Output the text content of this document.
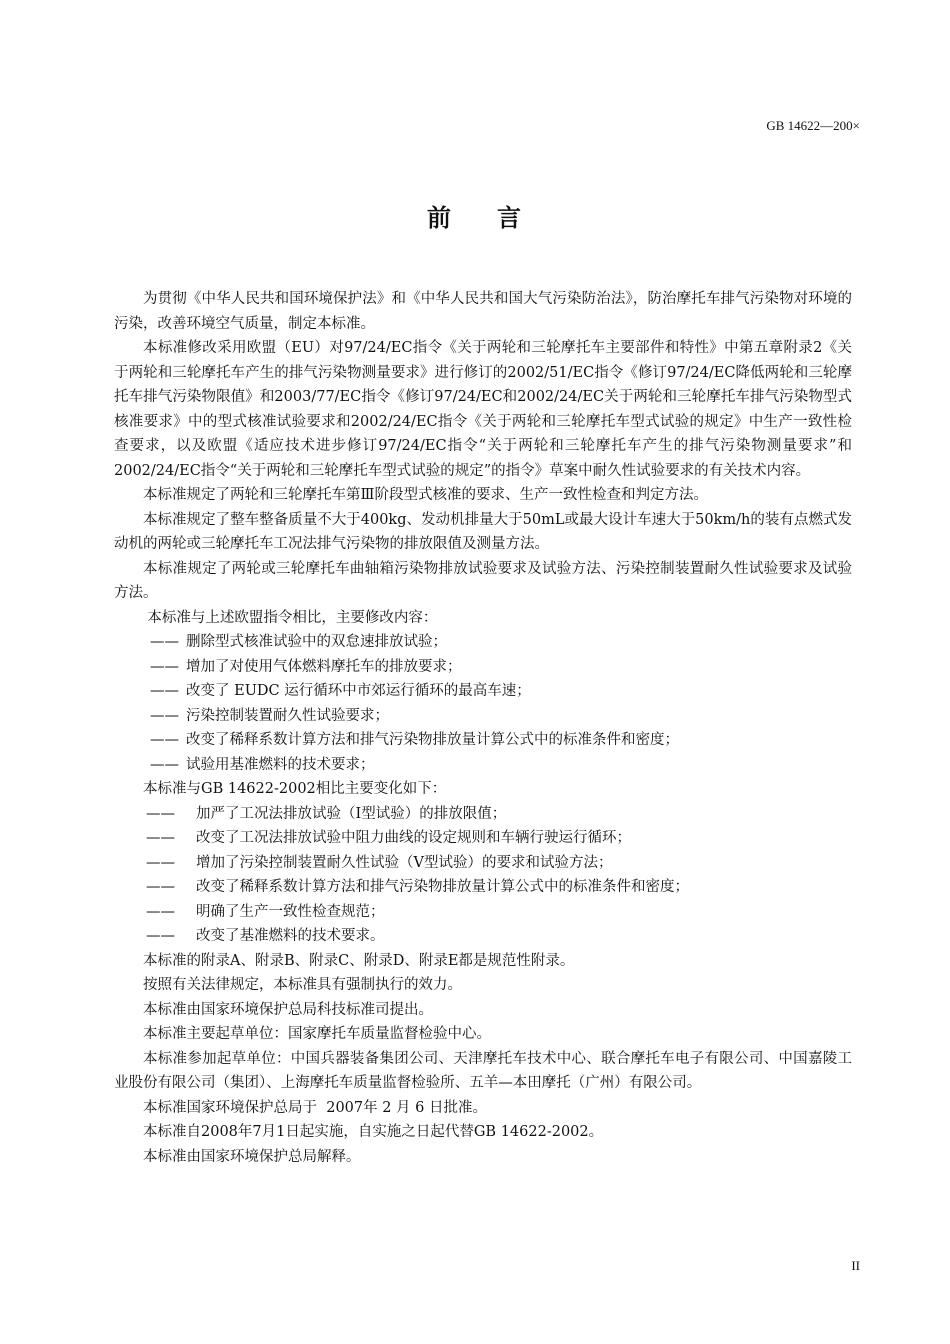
GB 14622—200×
前 言

为贯彻《中华人民共和国环境保护法》和《中华人民共和国大气污染防治法》，防治摩托车排气污染物对环境的污染，改善环境空气质量，制定本标准。

本标准修改采用欧盟（EU）对97/24/EC指令《关于两轮和三轮摩托车主要部件和特性》中第五章附录2《关于两轮和三轮摩托车产生的排气污染物测量要求》进行修订的2002/51/EC指令《修订97/24/EC降低两轮和三轮摩托车排气污染物限值》和2003/77/EC指令《修订97/24/EC和2002/24/EC关于两轮和三轮摩托车排气污染物型式核准要求》中的型式核准试验要求和2002/24/EC指令《关于两轮和三轮摩托车型式试验的规定》中生产一致性检查要求，以及欧盟《适应技术进步修订97/24/EC指令“关于两轮和三轮摩托车产生的排气污染物测量要求”和2002/24/EC指令“关于两轮和三轮摩托车型式试验的规定”的指令》草案中耐久性试验要求的有关技术内容。

本标准规定了两轮和三轮摩托车第Ⅲ阶段型式核准的要求、生产一致性检查和判定方法。

本标准规定了整车整备质量不大于400kg、发动机排量大于50mL或最大设计车速大于50km/h的装有点燃式发动机的两轮或三轮摩托车工况法排气污染物的排放限值及测量方法。

本标准规定了两轮或三轮摩托车曲轴箱污染物排放试验要求及试验方法、污染控制装置耐久性试验要求及试验方法。

本标准与上述欧盟指令相比，主要修改内容：

—— 删除型式核准试验中的双怠速排放试验；

—— 增加了对使用气体燃料摩托车的排放要求；

—— 改变了 EUDC 运行循环中市郊运行循环的最高车速；

—— 污染控制装置耐久性试验要求；

—— 改变了稀释系数计算方法和排气污染物排放量计算公式中的标准条件和密度；

—— 试验用基准燃料的技术要求；

本标准与GB 14622-2002相比主要变化如下：

—— 加严了工况法排放试验（Ⅰ型试验）的排放限值；

—— 改变了工况法排放试验中阻力曲线的设定规则和车辆行驶运行循环；

—— 增加了污染控制装置耐久性试验（Ⅴ型试验）的要求和试验方法；

—— 改变了稀释系数计算方法和排气污染物排放量计算公式中的标准条件和密度；

—— 明确了生产一致性检查规范；

—— 改变了基准燃料的技术要求。

本标准的附录A、附录B、附录C、附录D、附录E都是规范性附录。

按照有关法律规定，本标准具有强制执行的效力。

本标准由国家环境保护总局科技标准司提出。

本标准主要起草单位：国家摩托车质量监督检验中心。

本标准参加起草单位：中国兵器装备集团公司、天津摩托车技术中心、联合摩托车电子有限公司、中国嘉陵工业股份有限公司（集团）、上海摩托车质量监督检验所、五羊—本田摩托（广州）有限公司。

本标准国家环境保护总局于  2007年 2 月 6 日批准。

本标准自2008年7月1日起实施，自实施之日起代替GB 14622-2002。

本标准由国家环境保护总局解释。

II
